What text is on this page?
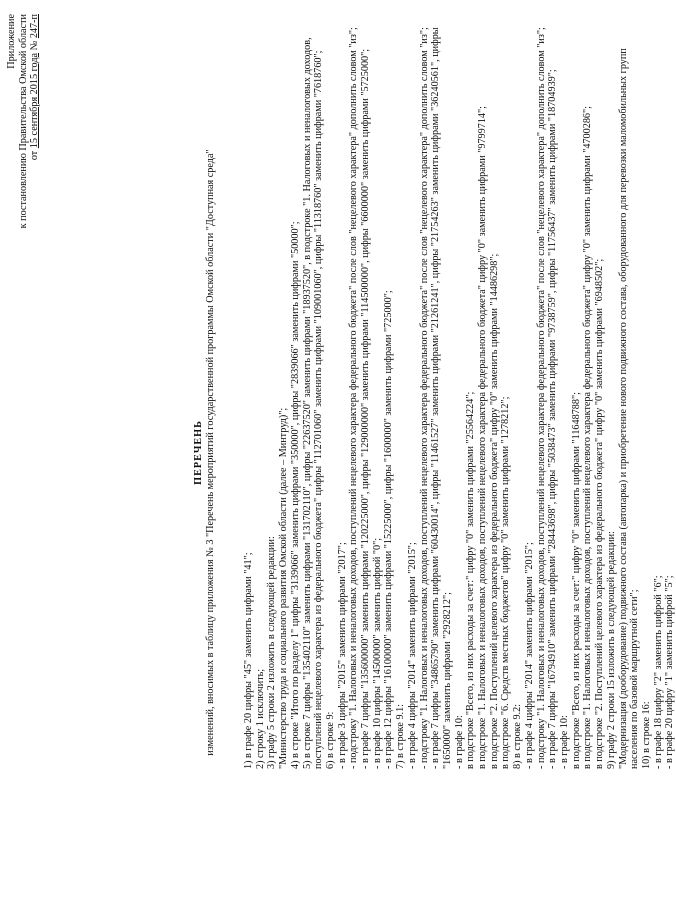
Приложение к постановлению Правительства Омской области от 15 сентября 2015 года № 247-п
ПЕРЕЧЕНЬ изменений, вносимых в таблицу приложения № 3 "Перечень мероприятий государственной программы Омской области "Доступная среда"	1) в графе 20 цифры "45" заменить цифрами "41"; 2) строку 1 исключить; 3) графу 5 строки 2 изложить в следующей редакции: "Министерство труда и социального развития Омской области (далее – Минтруд)"; 4) в строке "Итого по разделу 1" цифры "3139066" заменить цифрами "350000", цифры "2839066" заменить цифрами "50000"; 5) в строке 7 цифры "135402110" заменить цифрами "131702110", цифры "22637520" заменить цифрами "18937520", в подстроке "1. Налоговых и неналоговых доходов, поступлений нецелевого характера из федерального бюджета" цифры "112701060" заменить цифрами "109001060", цифры "11318760" заменить цифрами "7618760"; 6) в строке 9: - в графе 3 цифры "2015" заменить цифрами "2017"; - подстроку "1. Налоговых и неналоговых доходов, поступлений нецелевого характера федерального бюджета" после слов "нецелевого характера" дополнить словом "из"; - в графе 7 цифры "135600000" заменить цифрами "120225000", цифры "129000000" заменить цифрами "114500000", цифры "6600000" заменить цифрами "5725000"; - в графе 10 цифры "14500000" заменить цифрой "0"; - в графе 12 цифры "16100000" заменить цифрами "15225000", цифры "1600000" заменить цифрами "725000"; 7) в строке 9.1: - в графе 4 цифры "2014" заменить цифрами "2015"; - подстроку "1. Налоговых и неналоговых доходов, поступлений нецелевого характера федерального бюджета" после слов "нецелевого характера" дополнить словом "из"; - в графе 7 цифры "34865790" заменить цифрами "60430014", цифры "11461527" заменить цифрами "21261241", цифры "21754263" заменить цифрами "36240561", цифры "1650000" заменить цифрами "2928212"; - в графе 10: в подстроке "Всего, из них расходы за счет:" цифру "0" заменить цифрами "25564224"; в подстроке "1. Налоговых и неналоговых доходов, поступлений нецелевого характера федерального бюджета" цифру "0" заменить цифрами "9799714"; в подстроке "2. Поступлений целевого характера из федерального бюджета" цифру "0" заменить цифрами "14486298"; в подстроке "6. Средств местных бюджетов" цифру "0" заменить цифрами "1278212"; 8) в строке 9.2: - в графе 4 цифры "2014" заменить цифрами "2015"; - подстроку "1. Налоговых и неналоговых доходов, поступлений нецелевого характера федерального бюджета" после слов "нецелевого характера" дополнить словом "из"; - в графе 7 цифры "16794910" заменить цифрами "28443698", цифры "5038473" заменить цифрами "9738759", цифры "11756437" заменить цифрами "18704939"; - в графе 10: в подстроке "Всего, из них расходы за счет:" цифру "0" заменить цифрами "11648788"; в подстроке "1. Налоговых и неналоговых доходов, поступлений нецелевого характера федерального бюджета" цифру "0" заменить цифрами "4700286"; в подстроке "2. Поступлений целевого характера из федерального бюджета" цифру "0" заменить цифрами "6948502"; 9) графу 2 строки 15 изложить в следующей редакции: "Модернизация (дооборудование) подвижного состава (автопарка) и приобретение нового подвижного состава, оборудованного для перевозки маломобильных групп населения по базовой маршрутной сети"; 10) в строке 16: - в графе 18 цифру "2" заменить цифрой "6"; - в графе 20 цифру "1" заменить цифрой "5";
